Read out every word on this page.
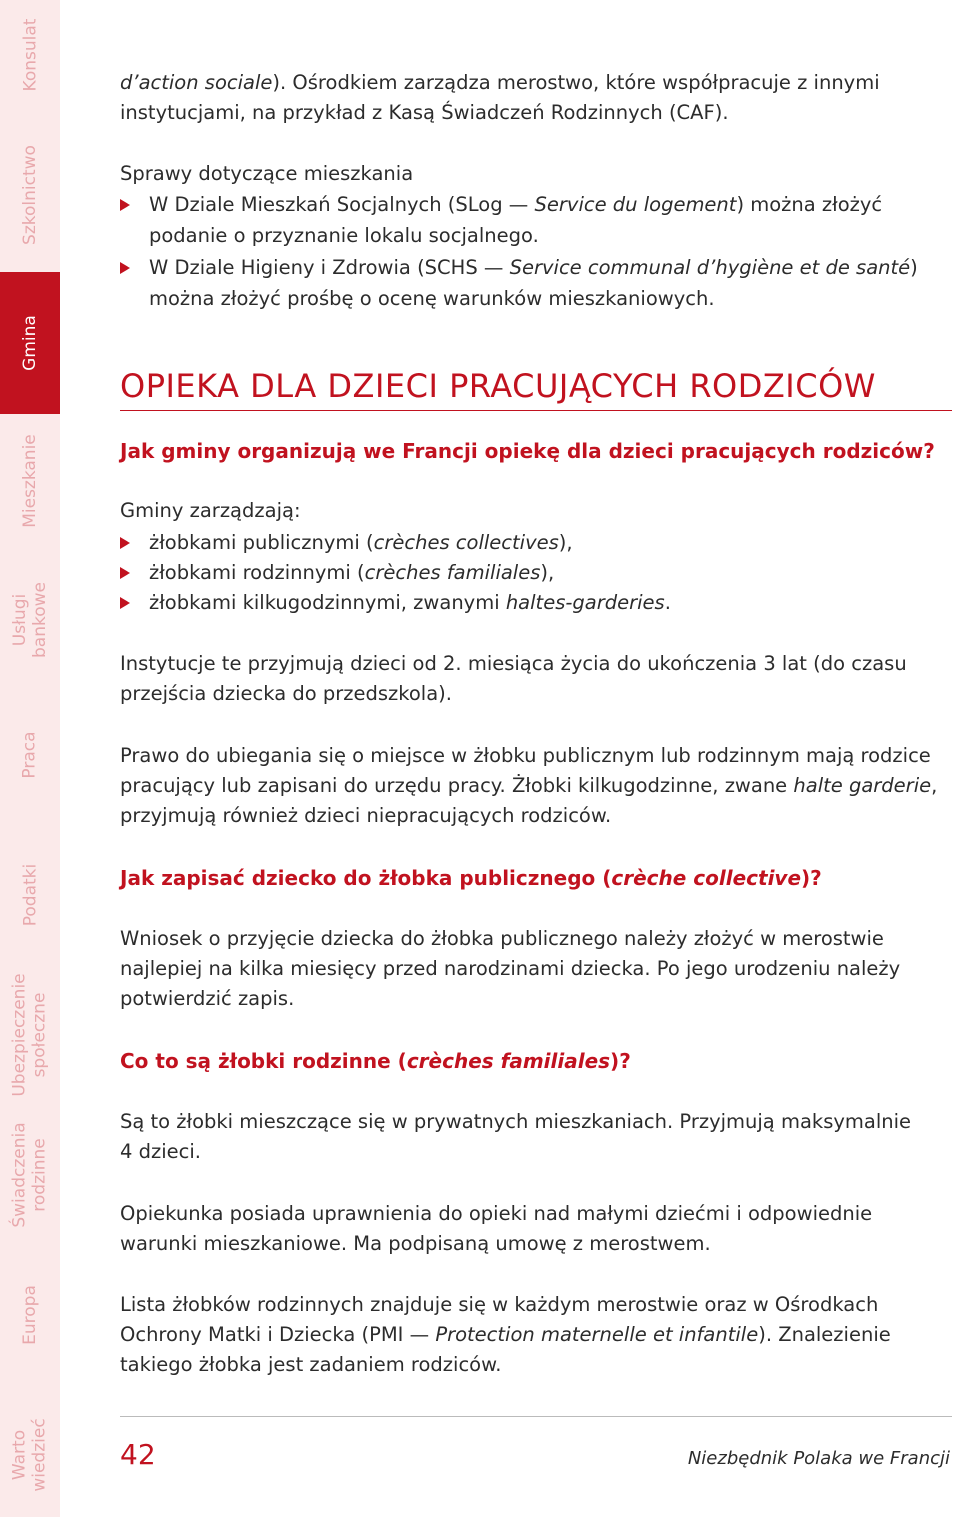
Konsulat
Szkolnictwo
Gmina
Mieszkanie
Usługi bankowe
Praca
Podatki
Ubezpieczenie społeczne
Świadczenia rodzinne
Europa
Warto wiedzieć
d’action sociale). Ośrodkiem zarządza merostwo, które współpracuje z innymi
instytucjami, na przykład z Kasą Świadczeń Rodzinnych (CAF).
Sprawy dotyczące mieszkania
W Dziale Mieszkań Socjalnych (SLog — Service du logement) można złożyć
podanie o przyznanie lokalu socjalnego.
W Dziale Higieny i Zdrowia (SCHS — Service communal d’hygiène et de santé)
można złożyć prośbę o ocenę warunków mieszkaniowych.
OPIEKA DLA DZIECI PRACUJĄCYCH RODZICÓW
Jak gminy organizują we Francji opiekę dla dzieci pracujących rodziców?
Gminy zarządzają:
żłobkami publicznymi (crèches collectives),
żłobkami rodzinnymi (crèches familiales),
żłobkami kilkugodzinnymi, zwanymi haltes-garderies.
Instytucje te przyjmują dzieci od 2. miesiąca życia do ukończenia 3 lat (do czasu
przejścia dziecka do przedszkola).
Prawo do ubiegania się o miejsce w żłobku publicznym lub rodzinnym mają rodzice
pracujący lub zapisani do urzędu pracy. Żłobki kilkugodzinne, zwane halte garderie,
przyjmują również dzieci niepracujących rodziców.
Jak zapisać dziecko do żłobka publicznego (crèche collective)?
Wniosek o przyjęcie dziecka do żłobka publicznego należy złożyć w merostwie
najlepiej na kilka miesięcy przed narodzinami dziecka. Po jego urodzeniu należy
potwierdzić zapis.
Co to są żłobki rodzinne (crèches familiales)?
Są to żłobki mieszczące się w prywatnych mieszkaniach. Przyjmują maksymalnie
4 dzieci.
Opiekunka posiada uprawnienia do opieki nad małymi dziećmi i odpowiednie
warunki mieszkaniowe. Ma podpisaną umowę z merostwem.
Lista żłobków rodzinnych znajduje się w każdym merostwie oraz w Ośrodkach
Ochrony Matki i Dziecka (PMI — Protection maternelle et infantile). Znalezienie
takiego żłobka jest zadaniem rodziców.
42	Niezbędnik Polaka we Francji
